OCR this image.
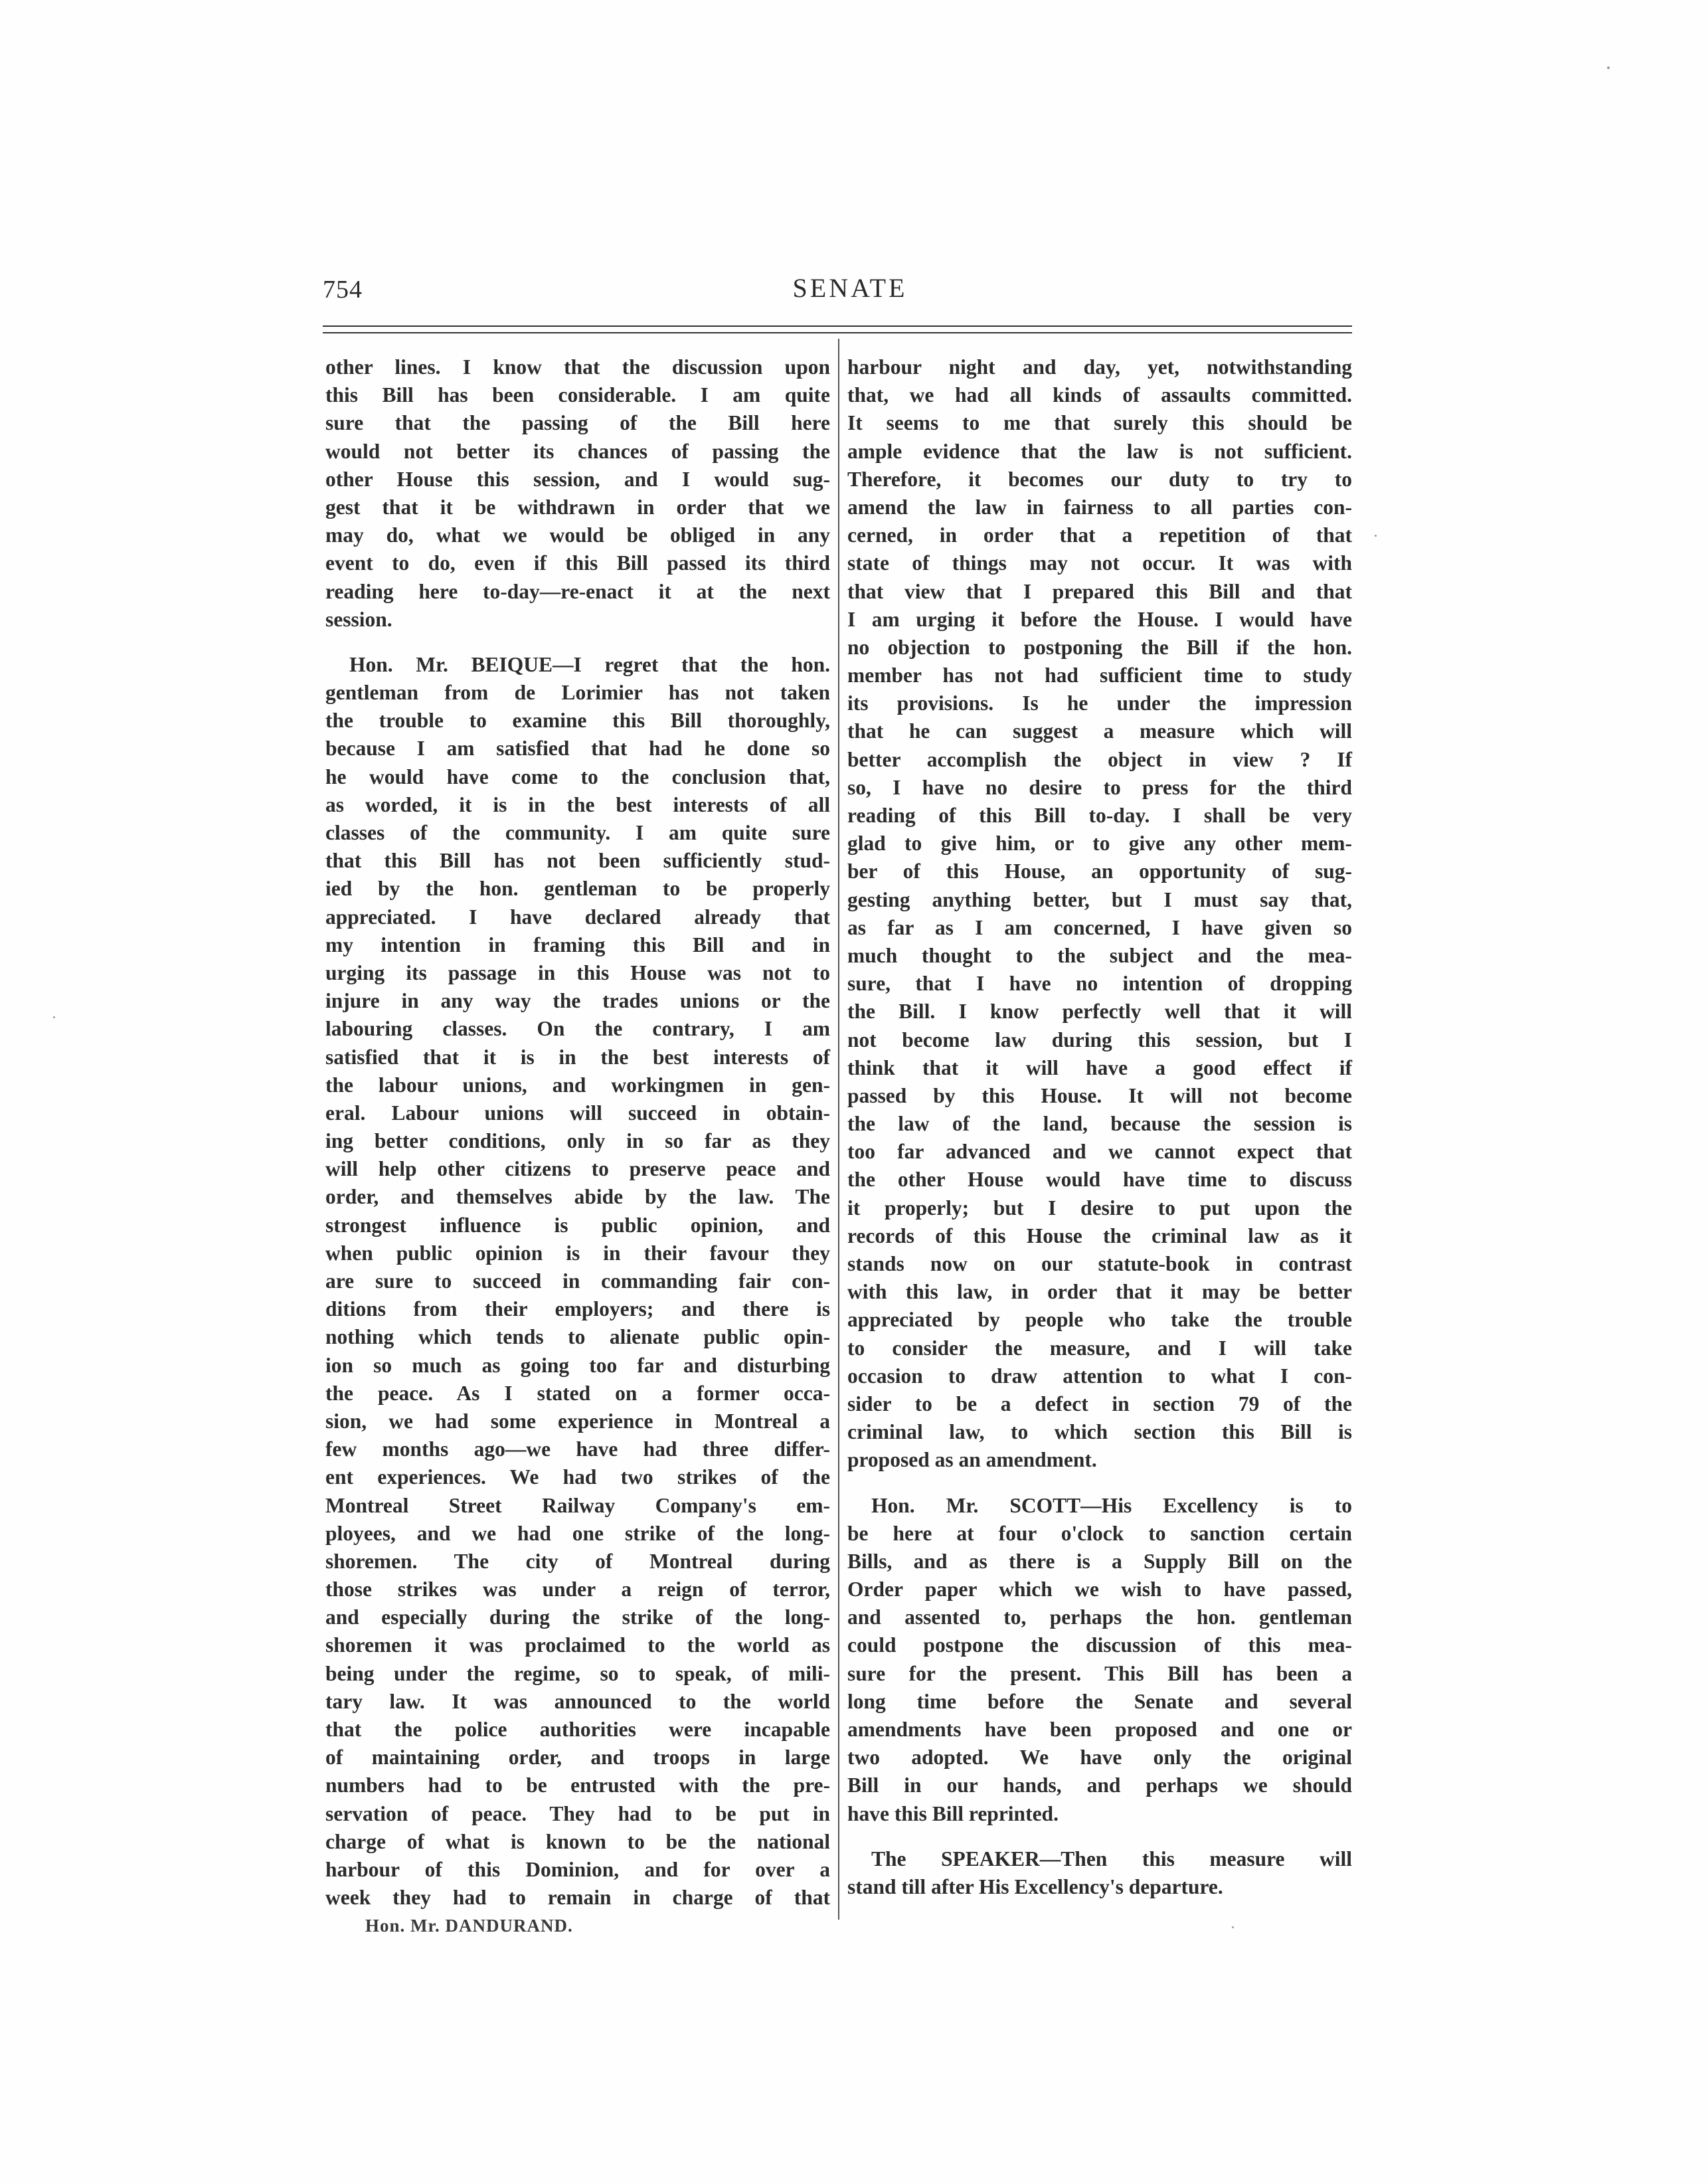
754	SENATE
other lines. I know that the discussion upon
this Bill has been considerable. I am quite
sure that the passing of the Bill here
would not better its chances of passing the
other House this session, and I would sug-
gest that it be withdrawn in order that we
may do, what we would be obliged in any
event to do, even if this Bill passed its third
reading here to-day—re-enact it at the next
session.
Hon. Mr. BEIQUE—I regret that the hon.
gentleman from de Lorimier has not taken
the trouble to examine this Bill thoroughly,
because I am satisfied that had he done so
he would have come to the conclusion that,
as worded, it is in the best interests of all
classes of the community. I am quite sure
that this Bill has not been sufficiently stud-
ied by the hon. gentleman to be properly
appreciated. I have declared already that
my intention in framing this Bill and in
urging its passage in this House was not to
injure in any way the trades unions or the
labouring classes. On the contrary, I am
satisfied that it is in the best interests of
the labour unions, and workingmen in gen-
eral. Labour unions will succeed in obtain-
ing better conditions, only in so far as they
will help other citizens to preserve peace and
order, and themselves abide by the law. The
strongest influence is public opinion, and
when public opinion is in their favour they
are sure to succeed in commanding fair con-
ditions from their employers; and there is
nothing which tends to alienate public opin-
ion so much as going too far and disturbing
the peace. As I stated on a former occa-
sion, we had some experience in Montreal a
few months ago—we have had three differ-
ent experiences. We had two strikes of the
Montreal Street Railway Company's em-
ployees, and we had one strike of the long-
shoremen. The city of Montreal during
those strikes was under a reign of terror,
and especially during the strike of the long-
shoremen it was proclaimed to the world as
being under the regime, so to speak, of mili-
tary law. It was announced to the world
that the police authorities were incapable
of maintaining order, and troops in large
numbers had to be entrusted with the pre-
servation of peace. They had to be put in
charge of what is known to be the national
harbour of this Dominion, and for over a
week they had to remain in charge of that
harbour night and day, yet, notwithstanding
that, we had all kinds of assaults committed.
It seems to me that surely this should be
ample evidence that the law is not sufficient.
Therefore, it becomes our duty to try to
amend the law in fairness to all parties con-
cerned, in order that a repetition of that
state of things may not occur. It was with
that view that I prepared this Bill and that
I am urging it before the House. I would have
no objection to postponing the Bill if the hon.
member has not had sufficient time to study
its provisions. Is he under the impression
that he can suggest a measure which will
better accomplish the object in view ? If
so, I have no desire to press for the third
reading of this Bill to-day. I shall be very
glad to give him, or to give any other mem-
ber of this House, an opportunity of sug-
gesting anything better, but I must say that,
as far as I am concerned, I have given so
much thought to the subject and the mea-
sure, that I have no intention of dropping
the Bill. I know perfectly well that it will
not become law during this session, but I
think that it will have a good effect if
passed by this House. It will not become
the law of the land, because the session is
too far advanced and we cannot expect that
the other House would have time to discuss
it properly; but I desire to put upon the
records of this House the criminal law as it
stands now on our statute-book in contrast
with this law, in order that it may be better
appreciated by people who take the trouble
to consider the measure, and I will take
occasion to draw attention to what I con-
sider to be a defect in section 79 of the
criminal law, to which section this Bill is
proposed as an amendment.
Hon. Mr. SCOTT—His Excellency is to
be here at four o'clock to sanction certain
Bills, and as there is a Supply Bill on the
Order paper which we wish to have passed,
and assented to, perhaps the hon. gentleman
could postpone the discussion of this mea-
sure for the present. This Bill has been a
long time before the Senate and several
amendments have been proposed and one or
two adopted. We have only the original
Bill in our hands, and perhaps we should
have this Bill reprinted.
The SPEAKER—Then this measure will
stand till after His Excellency's departure.
Hon. Mr. DANDURAND.
